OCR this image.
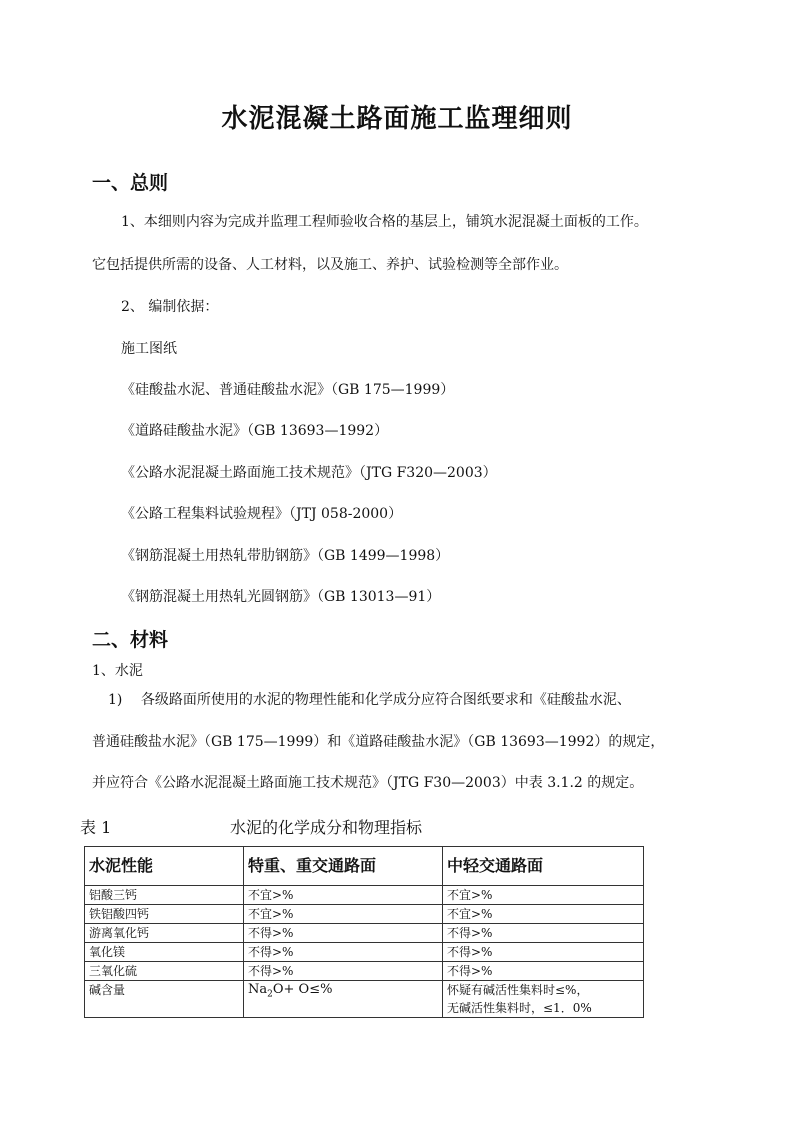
水泥混凝土路面施工监理细则
一、总则
1、本细则内容为完成并监理工程师验收合格的基层上，铺筑水泥混凝土面板的工作。
它包括提供所需的设备、人工材料，以及施工、养护、试验检测等全部作业。
2、 编制依据：
施工图纸
《硅酸盐水泥、普通硅酸盐水泥》（GB 175—1999）
《道路硅酸盐水泥》（GB 13693—1992）
《公路水泥混凝土路面施工技术规范》（JTG F320—2003）
《公路工程集料试验规程》（JTJ 058-2000）
《钢筋混凝土用热轧带肋钢筋》（GB 1499—1998）
《钢筋混凝土用热轧光圆钢筋》（GB 13013—91）
二、材料
1、水泥
1)　 各级路面所使用的水泥的物理性能和化学成分应符合图纸要求和《硅酸盐水泥、
普通硅酸盐水泥》（GB 175—1999）和《道路硅酸盐水泥》（GB 13693—1992）的规定，
并应符合《公路水泥混凝土路面施工技术规范》（JTG F30—2003）中表 3.1.2 的规定。
表 1	水泥的化学成分和物理指标
水泥性能	特重、重交通路面	中轻交通路面
铝酸三钙	不宜>%	不宜>%
铁铝酸四钙	不宜>%	不宜>%
游离氧化钙	不得>%	不得>%
氧化镁	不得>%	不得>%
三氧化硫	不得>%	不得>%
碱含量	$Na_2O+ O\le\%$	怀疑有碱活性集料时≤%，
无碱活性集料时，≤1．0%
